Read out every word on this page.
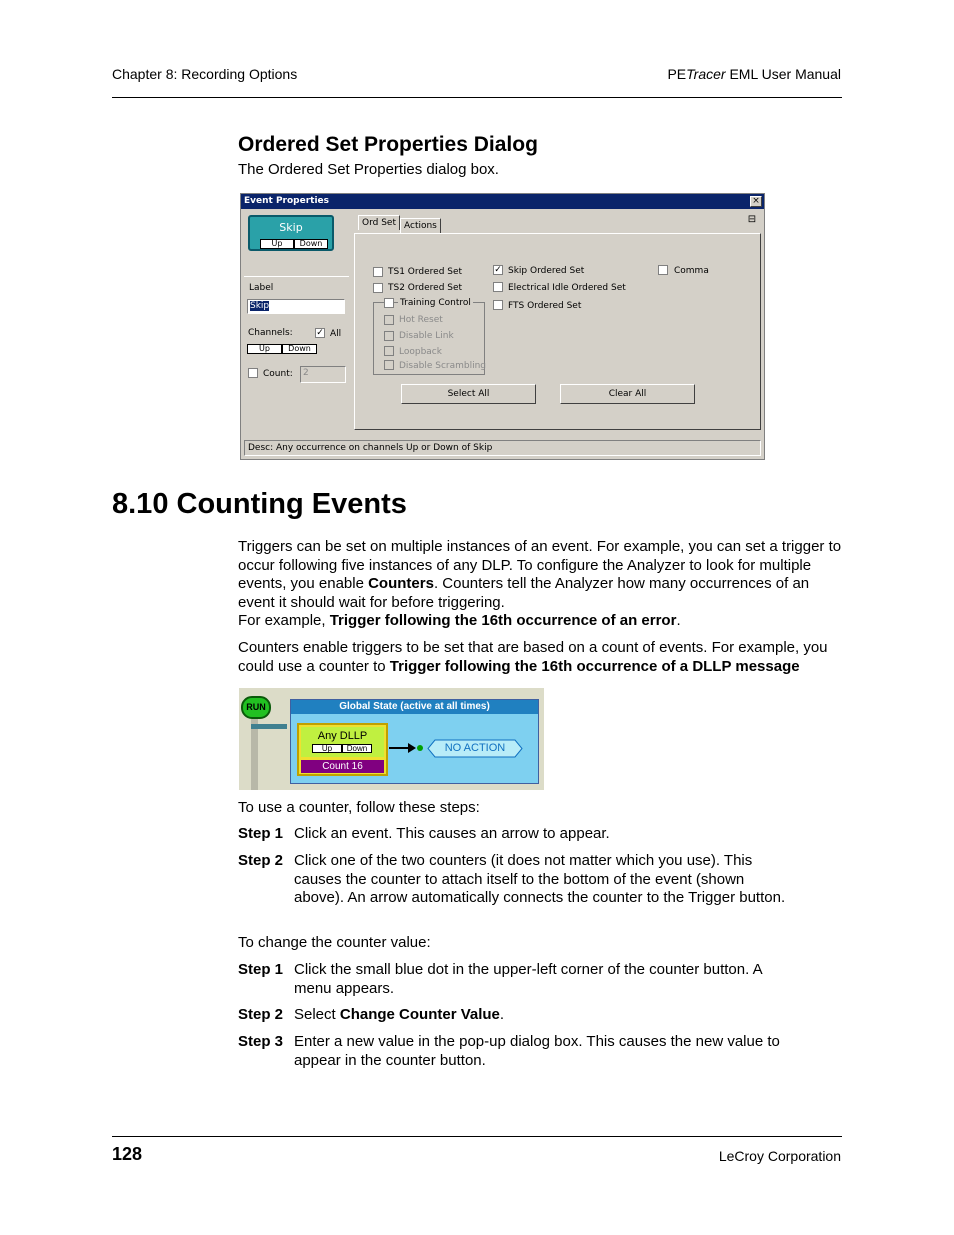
Chapter 8: Recording Options	PETracer EML User Manual
Ordered Set Properties Dialog
The Ordered Set Properties dialog box.
Event Properties	×
Skip
Up	Down
Label
Skip
Channels:	✓ All
Up	Down
Count:	2
Ord Set Actions
⊟
TS1 Ordered Set
TS2 Ordered Set
Training Control
Hot Reset
Disable Link
Loopback
Disable Scrambling
✓ Skip Ordered Set
Electrical Idle Ordered Set
FTS Ordered Set
Comma
Select All	Clear All
Desc: Any occurrence on channels Up or Down of Skip
8.10 Counting Events
Triggers can be set on multiple instances of an event. For example, you can set a trigger to occur following five instances of any DLP. To configure the Analyzer to look for multiple events, you enable Counters. Counters tell the Analyzer how many occurrences of an event it should wait for before triggering.
For example, Trigger following the 16th occurrence of an error.
Counters enable triggers to be set that are based on a count of events. For example, you could use a counter to Trigger following the 16th occurrence of a DLLP message
RUN	Global State (active at all times)
Any DLLP
Up	Down
Count 16
NO ACTION
To use a counter, follow these steps:
Step 1 Click an event. This causes an arrow to appear.
Step 2 Click one of the two counters (it does not matter which you use). This causes the counter to attach itself to the bottom of the event (shown above). An arrow automatically connects the counter to the Trigger button.
To change the counter value:
Step 1 Click the small blue dot in the upper-left corner of the counter button. A menu appears.
Step 2 Select Change Counter Value.
Step 3 Enter a new value in the pop-up dialog box. This causes the new value to appear in the counter button.
128	LeCroy Corporation
